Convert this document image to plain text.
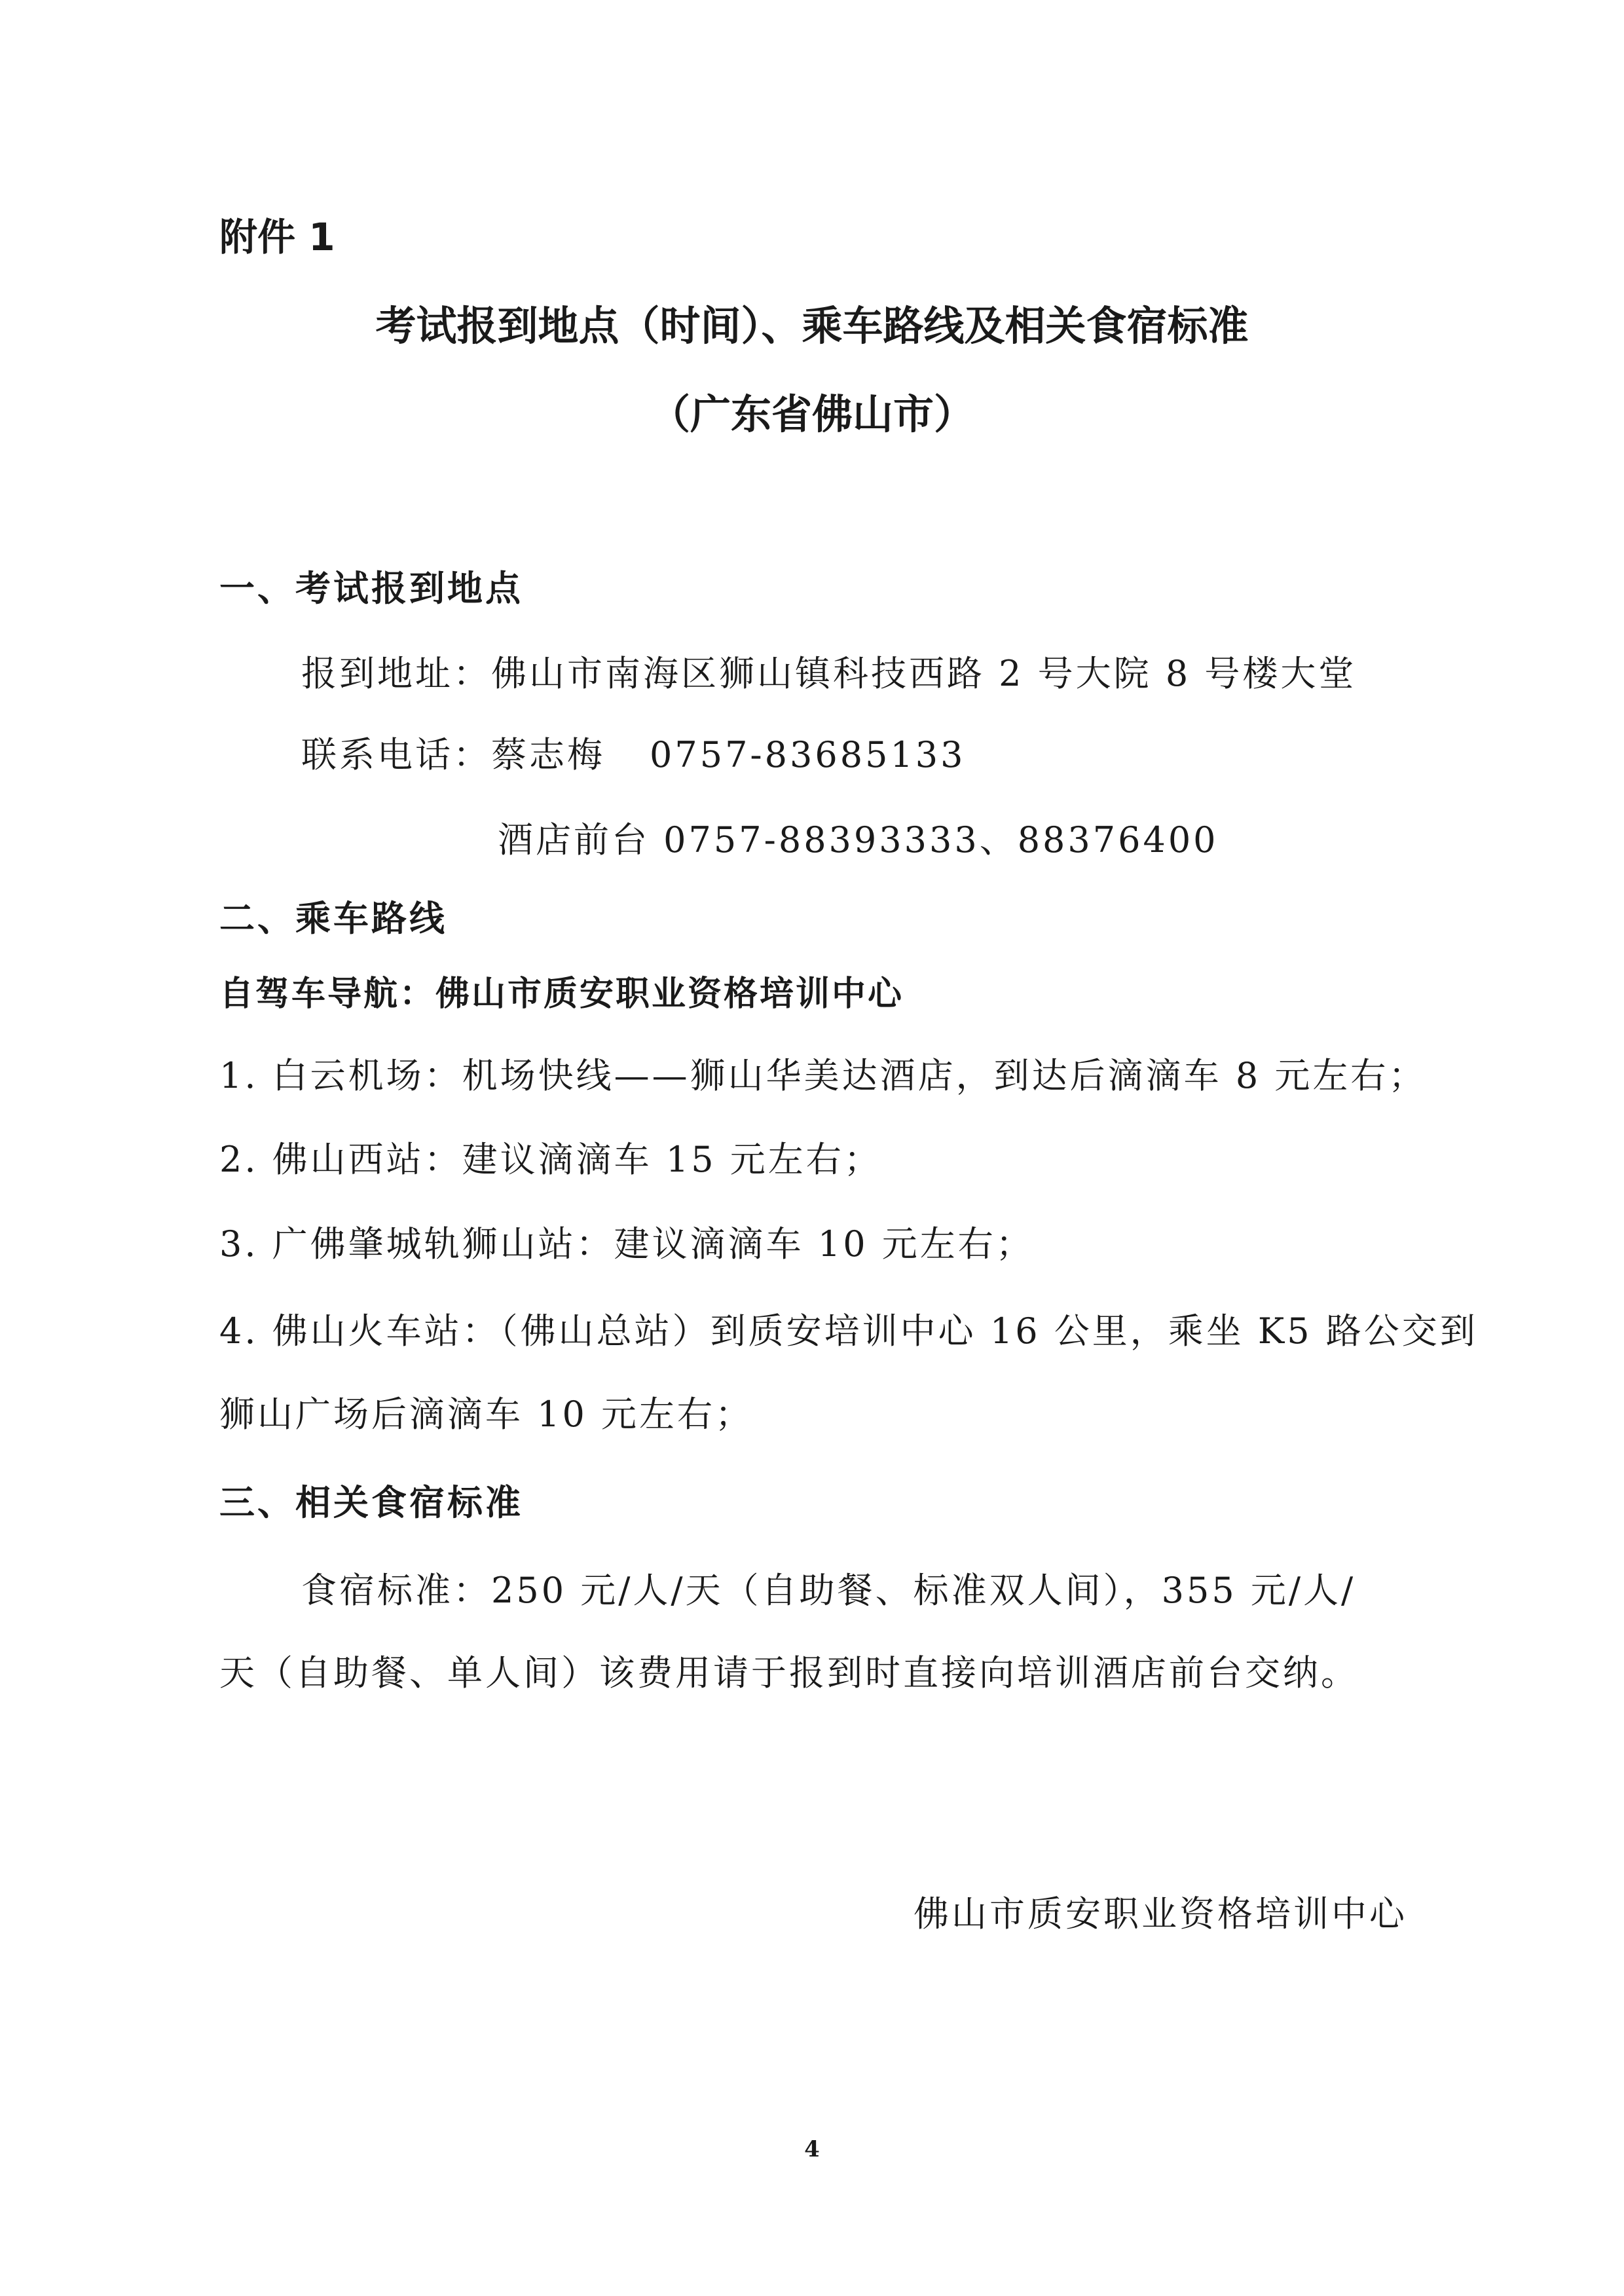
附件 1
考试报到地点（时间）、乘车路线及相关食宿标准
（广东省佛山市）
一、考试报到地点
报到地址：佛山市南海区狮山镇科技西路 2 号大院 8 号楼大堂
联系电话：蔡志梅 0757-83685133
酒店前台 0757-88393333、88376400
二、乘车路线
自驾车导航：佛山市质安职业资格培训中心
1. 白云机场：机场快线——狮山华美达酒店，到达后滴滴车 8 元左右；
2. 佛山西站：建议滴滴车 15 元左右；
3. 广佛肇城轨狮山站：建议滴滴车 10 元左右；
4. 佛山火车站：（佛山总站）到质安培训中心 16 公里，乘坐 K5 路公交到
狮山广场后滴滴车 10 元左右；
三、相关食宿标准
食宿标准：250 元/人/天（自助餐、标准双人间），355 元/人/
天（自助餐、单人间）该费用请于报到时直接向培训酒店前台交纳。
佛山市质安职业资格培训中心
4
